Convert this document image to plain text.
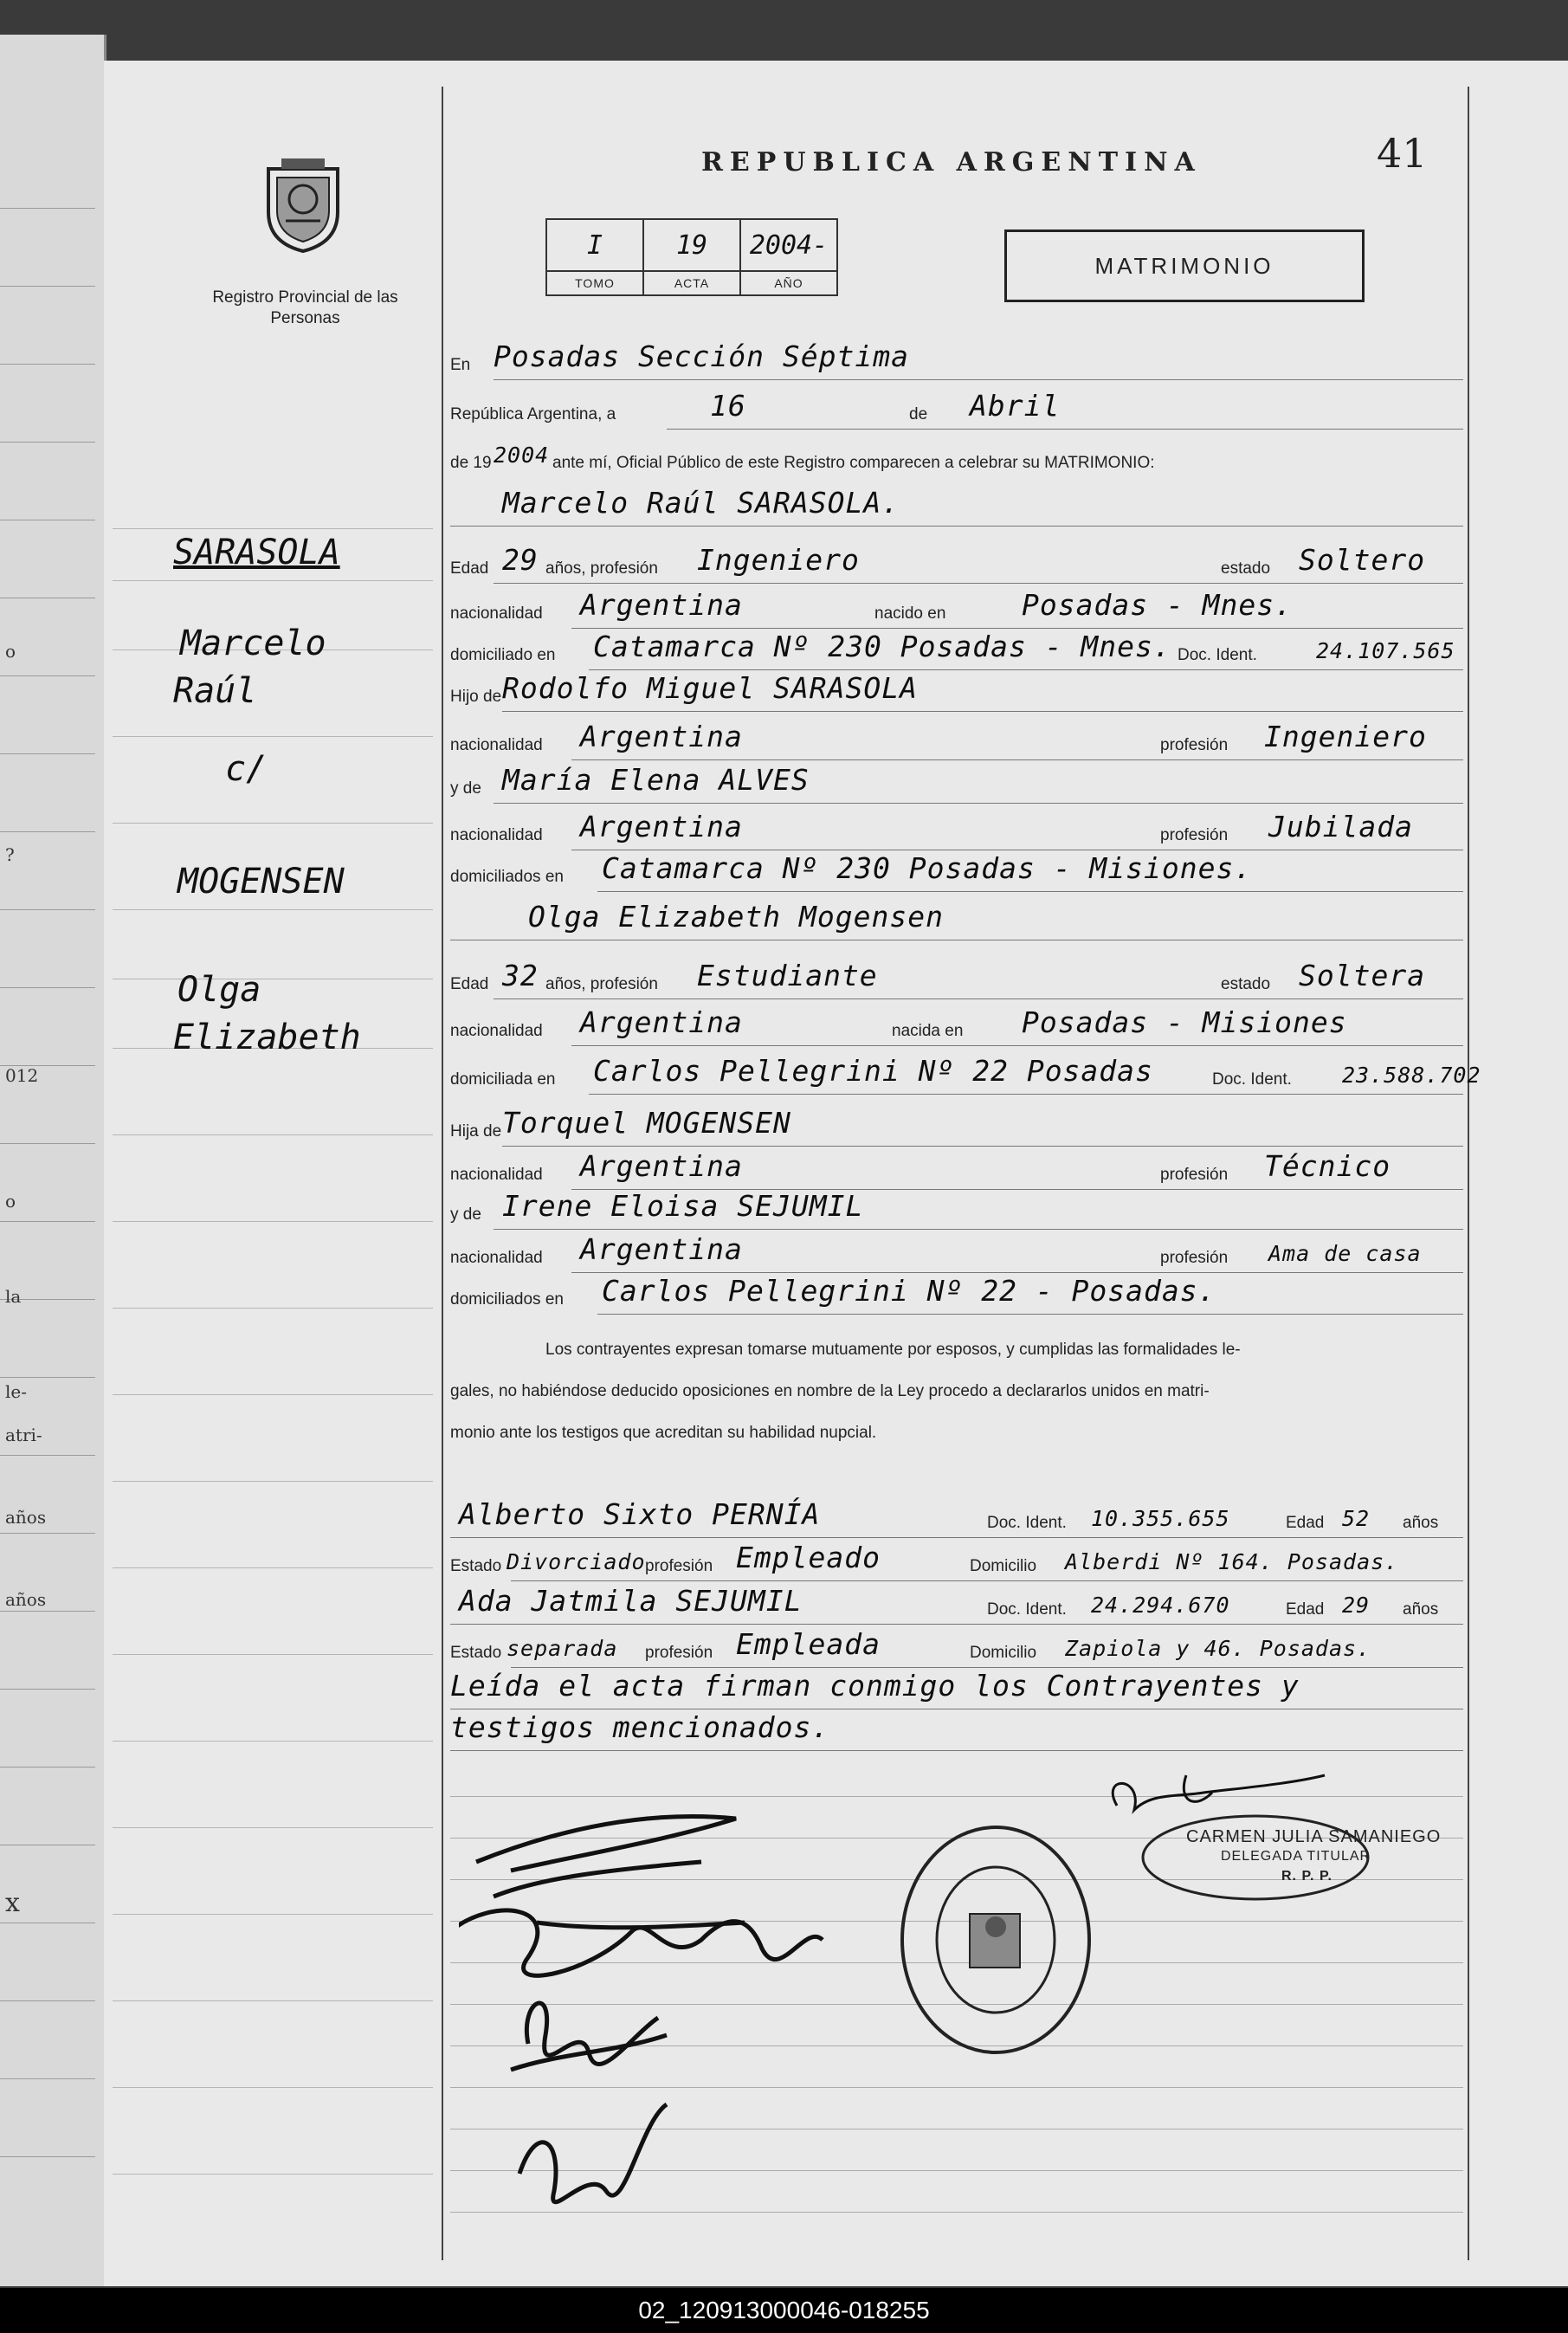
o
?
012
o
la
le-
atri-
años
años
x
Registro Provincial de las Personas
SARASOLA
Marcelo
Raúl
c/
MOGENSEN
Olga
Elizabeth
REPUBLICA ARGENTINA	41
I	19	2004-
TOMO	ACTA	AÑO
MATRIMONIO
En Posadas Sección Séptima
República Argentina, a	16	de Abril
de 19 2004 ante mí, Oficial Público de este Registro comparecen a celebrar su MATRIMONIO:
Marcelo Raúl SARASOLA.
Edad 29 años, profesión Ingeniero	estado Soltero
nacionalidad Argentina	nacido en	Posadas - Mnes.
domiciliado en Catamarca Nº 230 Posadas - Mnes. Doc. Ident.	24.107.565
Hijo de Rodolfo Miguel SARASOLA
nacionalidad Argentina	profesión Ingeniero
y de María Elena ALVES
nacionalidad Argentina	profesión Jubilada
domiciliados en Catamarca Nº 230 Posadas - Misiones.
Olga Elizabeth Mogensen
Edad 32 años, profesión Estudiante	estado Soltera
nacionalidad Argentina	nacida en Posadas - Misiones
domiciliada en Carlos Pellegrini Nº 22 Posadas	Doc. Ident. 23.588.702
Hija de Torquel MOGENSEN
nacionalidad Argentina	profesión Técnico
y de Irene Eloisa SEJUMIL
nacionalidad Argentina	profesión Ama de casa
domiciliados en Carlos Pellegrini Nº 22 - Posadas.
Los contrayentes expresan tomarse mutuamente por esposos, y cumplidas las formalidades le-
gales, no habiéndose deducido oposiciones en nombre de la Ley procedo a declararlos unidos en matri-
monio ante los testigos que acreditan su habilidad nupcial.
Alberto Sixto PERNÍA	Doc. Ident. 10.355.655	Edad 52 años
Estado Divorciado profesión Empleado	Domicilio Alberdi Nº 164. Posadas.
Ada Jatmila SEJUMIL	Doc. Ident. 24.294.670	Edad 29 años
Estado separada profesión Empleada	Domicilio Zapiola y 46. Posadas.
Leída el acta firman conmigo los Contrayentes y
testigos mencionados.
CARMEN JULIA SAMANIEGO
DELEGADA TITULAR
R. P. P.
02_120913000046-018255
